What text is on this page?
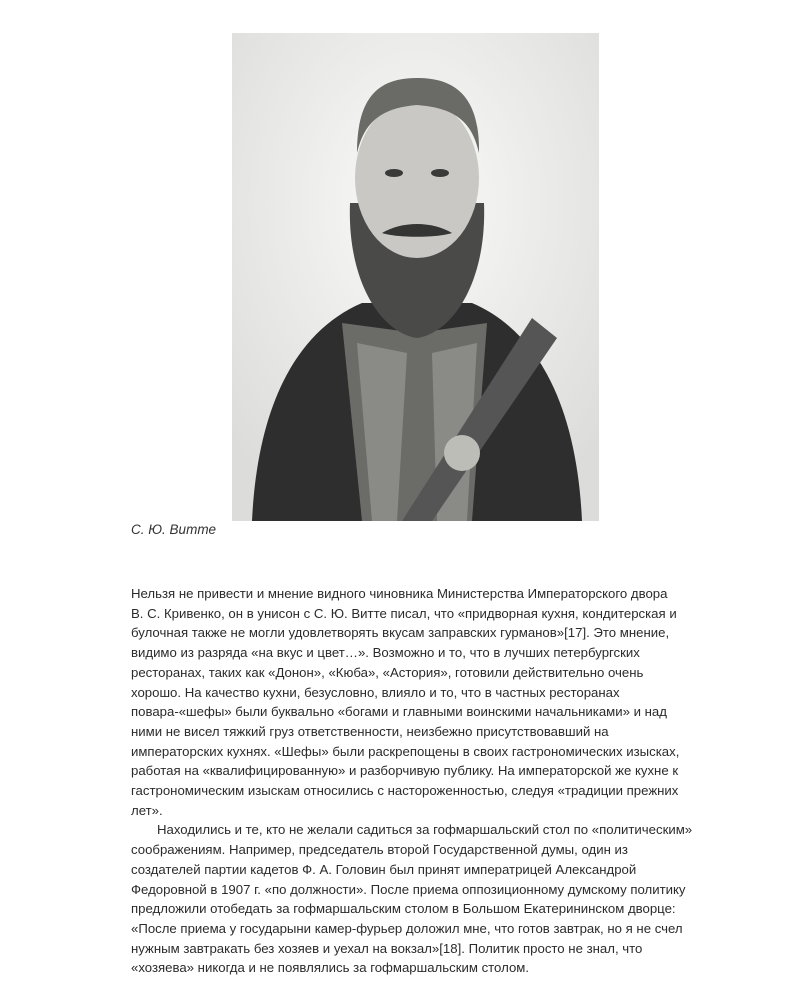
С. Ю. Витте
Нельзя не привести и мнение видного чиновника Министерства Императорского двора
В. С. Кривенко, он в унисон с С. Ю. Витте писал, что «придворная кухня, кондитерская и
булочная также не могли удовлетворять вкусам заправских гурманов»[17]. Это мнение,
видимо из разряда «на вкус и цвет…». Возможно и то, что в лучших петербургских
ресторанах, таких как «Донон», «Кюба», «Астория», готовили действительно очень
хорошо. На качество кухни, безусловно, влияло и то, что в частных ресторанах
повара-«шефы» были буквально «богами и главными воинскими начальниками» и над
ними не висел тяжкий груз ответственности, неизбежно присутствовавший на
императорских кухнях. «Шефы» были раскрепощены в своих гастрономических изысках,
работая на «квалифицированную» и разборчивую публику. На императорской же кухне к
гастрономическим изыскам относились с настороженностью, следуя «традиции прежних
лет».
Находились и те, кто не желали садиться за гофмаршальский стол по «политическим»
соображениям. Например, председатель второй Государственной думы, один из
создателей партии кадетов Ф. А. Головин был принят императрицей Александрой
Федоровной в 1907 г. «по должности». После приема оппозиционному думскому политику
предложили отобедать за гофмаршальским столом в Большом Екатерининском дворце:
«После приема у государыни камер-фурьер доложил мне, что готов завтрак, но я не счел
нужным завтракать без хозяев и уехал на вокзал»[18]. Политик просто не знал, что
«хозяева» никогда и не появлялись за гофмаршальским столом.
